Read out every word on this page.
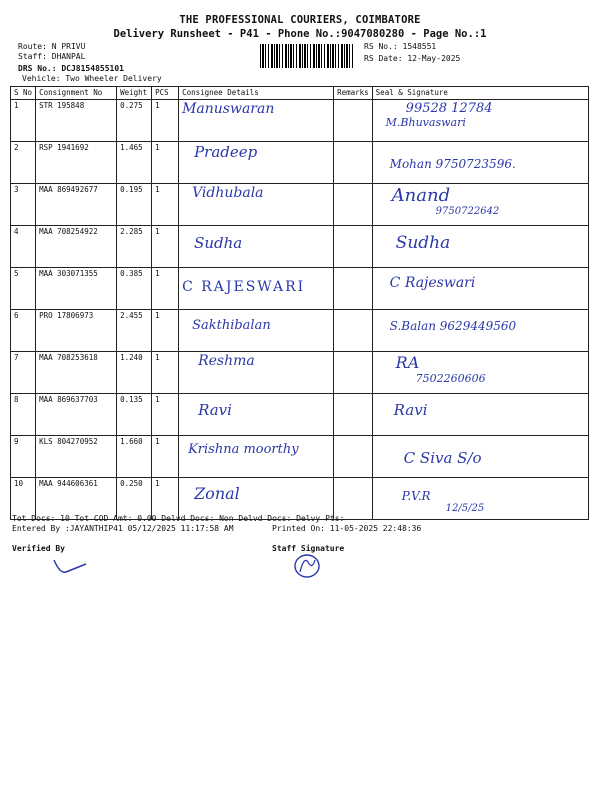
THE PROFESSIONAL COURIERS, COIMBATORE
Delivery Runsheet - P41 - Phone No.:9047080280 - Page No.:1
Route: N PRIVU
Staff: DHANPAL
DRS No.: DCJ8154855101
Vehicle: Two Wheeler Delivery
RS No.: 1548551
RS Date: 12-May-2025
S No	Consignment No	Weight	PCS	Consignee Details	Remarks	Seal & Signature
1	STR 195848	0.275	1	Manuswaran		99528 12784
M.Bhuvaswari

2	RSP 1941692	1.465	1	Pradeep		Mohan 9750723596.

3	MAA 869492677	0.195	1	Vidhubala		Anand
9750722642

4	MAA 708254922	2.285	1	Sudha		Sudha

5	MAA 303071355	0.385	1	C RAJESWARI		C Rajeswari

6	PRO 17806973	2.455	1	Sakthibalan		S.Balan 9629449560

7	MAA 708253618	1.240	1	Reshma		RA
7502260606

8	MAA 869637703	0.135	1	Ravi		Ravi

9	KLS 804270952	1.660	1	Krishna moorthy		C Siva S/o

10	MAA 944606361	0.250	1	Zonal		P.V.R
12/5/25
Tot Docs: 10 Tot COD Amt: 0.00 Delvd Docs: Non Delvd Docs: Delvy Pts:
Entered By :JAYANTHIP41 05/12/2025 11:17:58 AM	Printed On: 11-05-2025 22:48:36
Verified By	Staff Signature
